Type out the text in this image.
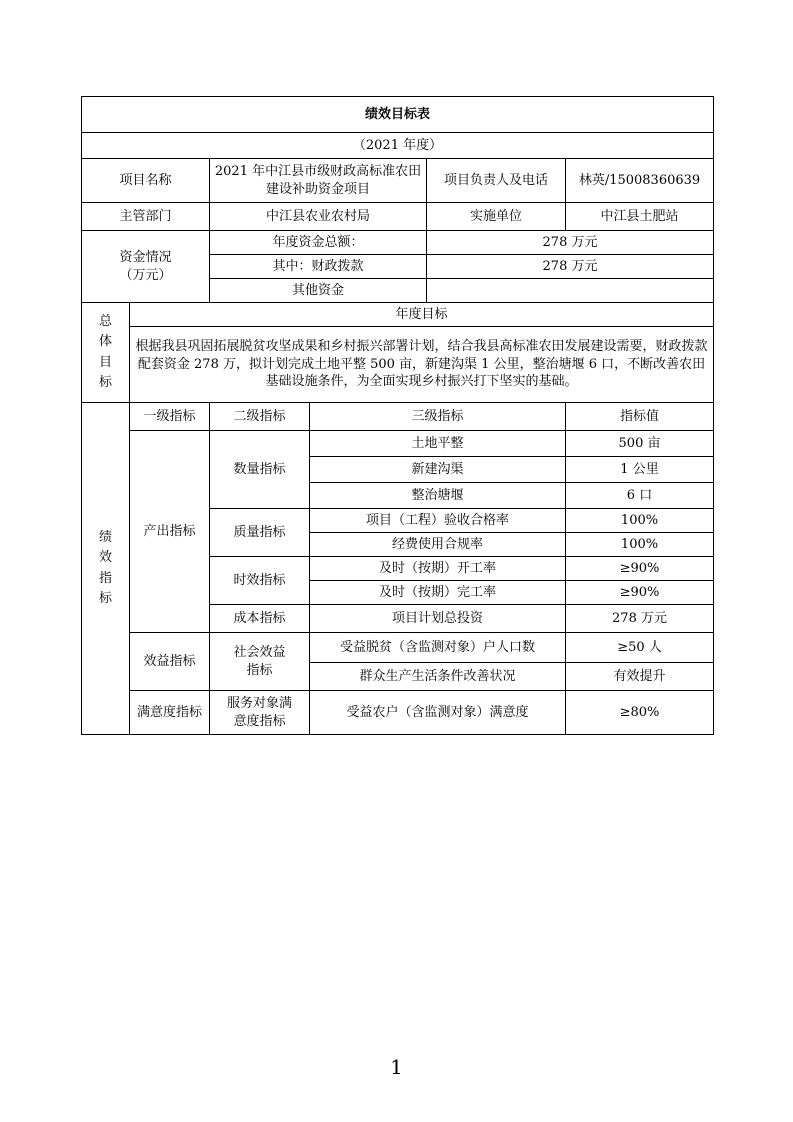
绩效目标表					
（2021 年度）					
项目名称		2021 年中江县市级财政高标准农田建设补助资金项目		项目负责人及电话	林英/15008360639
主管部门		中江县农业农村局		实施单位	中江县土肥站
资金情况（万元）		年度资金总额：		278 万元	
		其中：财政拨款		278 万元	
		其他资金			
总体目标	年度目标				
	根据我县巩固拓展脱贫攻坚成果和乡村振兴部署计划，结合我县高标准农田发展建设需要，财政拨款配套资金 278 万，拟计划完成土地平整 500 亩，新建沟渠 1 公里，整治塘堰 6 口，不断改善农田基础设施条件，为全面实现乡村振兴打下坚实的基础。				
绩效指标	一级指标	二级指标	三级指标		指标值
	产出指标	数量指标	土地平整		500 亩
			新建沟渠		1 公里
			整治塘堰		6 口
		质量指标	项目（工程）验收合格率		100%
			经费使用合规率		100%
		时效指标	及时（按期）开工率		≥90%
			及时（按期）完工率		≥90%
		成本指标	项目计划总投资		278 万元
	效益指标	社会效益指标	受益脱贫（含监测对象）户人口数		≥50 人
			群众生产生活条件改善状况		有效提升
	满意度指标	服务对象满意度指标	受益农户（含监测对象）满意度		≥80%
1
